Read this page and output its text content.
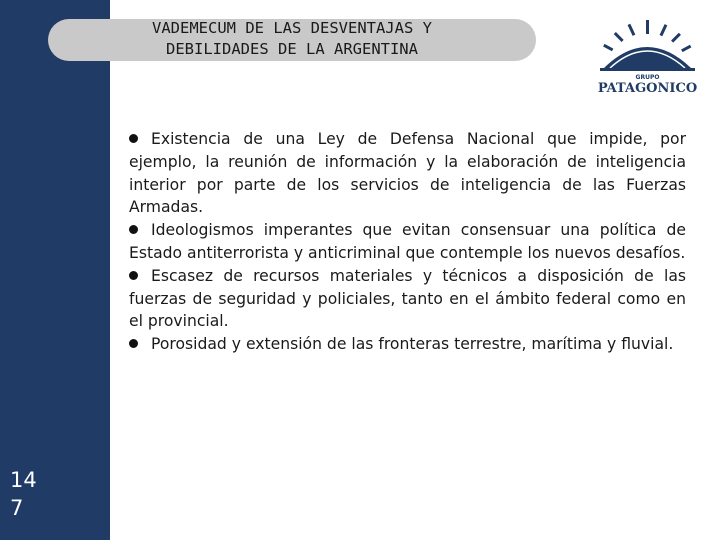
14
7
VADEMECUM DE LAS DESVENTAJAS Y
DEBILIDADES DE LA ARGENTINA
GRUPO
PATAGONICO

Existencia de una Ley de Defensa Nacional que impide, por ejemplo, la reunión de información y la elaboración de inteligencia interior por parte de los servicios de inteligencia de las Fuerzas Armadas.

Ideologismos imperantes que evitan consensuar una política de Estado antiterrorista y anticriminal que contemple los nuevos desafíos.

Escasez de recursos materiales y técnicos a disposición de las fuerzas de seguridad y policiales, tanto en el ámbito federal como en el provincial.

Porosidad y extensión de las fronteras terrestre, marítima y fluvial.
